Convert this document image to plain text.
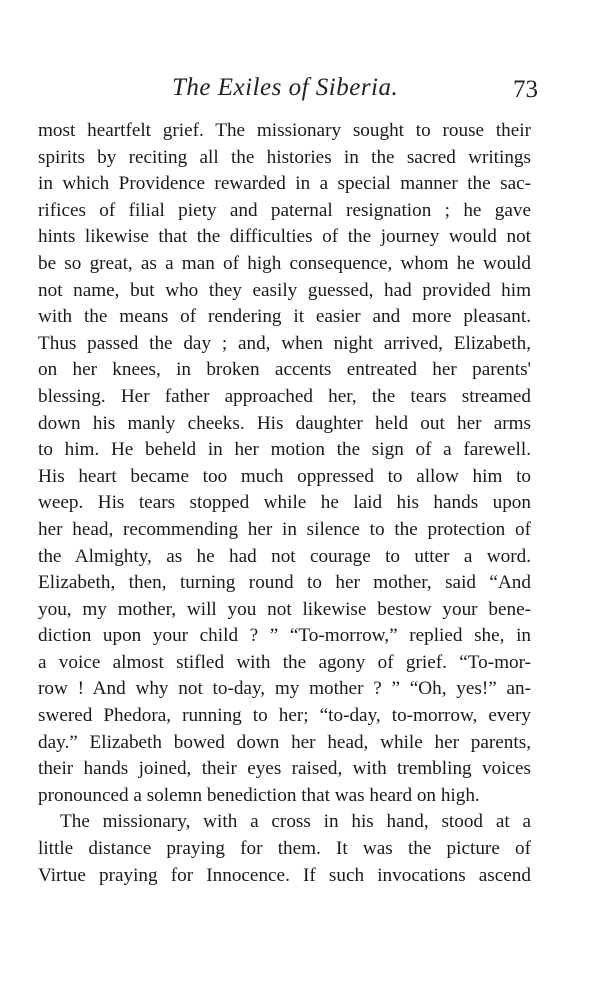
The Exiles of Siberia.	73
most heartfelt grief. The missionary sought to rouse their
spirits by reciting all the histories in the sacred writings
in which Providence rewarded in a special manner the sac-
rifices of filial piety and paternal resignation ; he gave
hints likewise that the difficulties of the journey would not
be so great, as a man of high consequence, whom he would
not name, but who they easily guessed, had provided him
with the means of rendering it easier and more pleasant.
Thus passed the day ; and, when night arrived, Elizabeth,
on her knees, in broken accents entreated her parents'
blessing. Her father approached her, the tears streamed
down his manly cheeks. His daughter held out her arms
to him. He beheld in her motion the sign of a farewell.
His heart became too much oppressed to allow him to
weep. His tears stopped while he laid his hands upon
her head, recommending her in silence to the protection of
the Almighty, as he had not courage to utter a word.
Elizabeth, then, turning round to her mother, said “And
you, my mother, will you not likewise bestow your bene-
diction upon your child ? ” “To-morrow,” replied she, in
a voice almost stifled with the agony of grief. “To-mor-
row ! And why not to-day, my mother ? ” “Oh, yes!” an-
swered Phedora, running to her; “to-day, to-morrow, every
day.” Elizabeth bowed down her head, while her parents,
their hands joined, their eyes raised, with trembling voices
pronounced a solemn benediction that was heard on high.
The missionary, with a cross in his hand, stood at a
little distance praying for them. It was the picture of
Virtue praying for Innocence. If such invocations ascend
